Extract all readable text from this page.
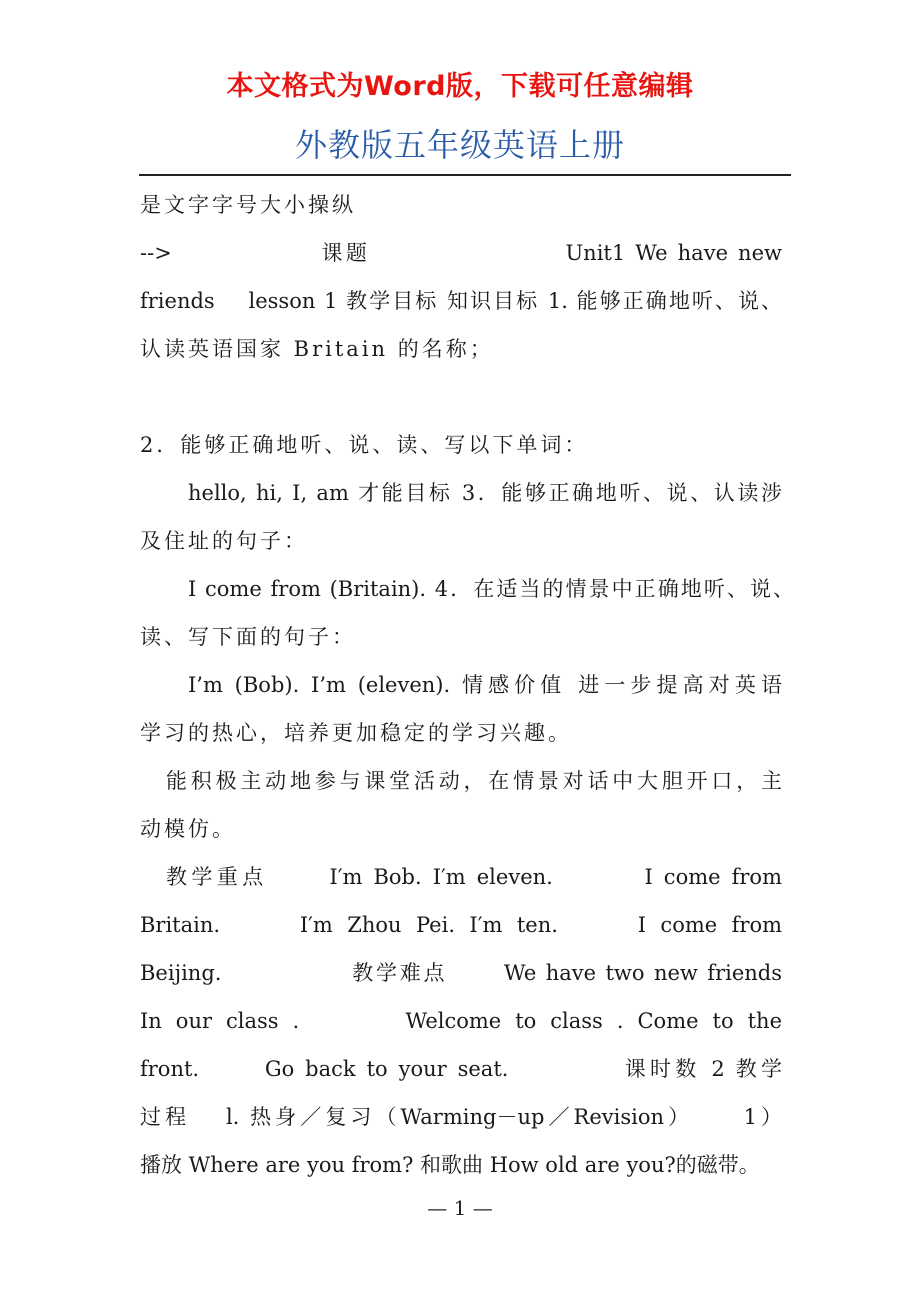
本文格式为Word版，下载可任意编辑
外教版五年级英语上册
是文字字号大小操纵
-->　　　　　　课题　　　　　　　　Unit1 We have new
friends　 lesson 1 教学目标 知识目标 1. 能够正确地听、说、
认读英语国家 Britain 的名称；
2．能够正确地听、说、读、写以下单词：
hello, hi, I, am 才能目标 3．能够正确地听、说、认读涉
及住址的句子：
I come from (Britain). 4．在适当的情景中正确地听、说、
读、写下面的句子：
I’m (Bob). I’m (eleven). 情感价值 进一步提高对英语
学习的热心，培养更加稳定的学习兴趣。
能积极主动地参与课堂活动，在情景对话中大胆开口，主
动模仿。
教学重点　　 I′m Bob. I′m eleven.　　　 I come from
Britain.　　 I′m Zhou Pei. I′m ten.　　 I come from
Beijing.　　　　　 教学难点　　 We have two new friends
In our class .　　　 Welcome to class . Come to the
front.　　 Go back to your seat.　　　　 课时数 2 教学
过程　 l. 热身／复习（Warming－up／Revision）　　 1）
播放 Where are you from? 和歌曲 How old are you?的磁带。
— 1 —
